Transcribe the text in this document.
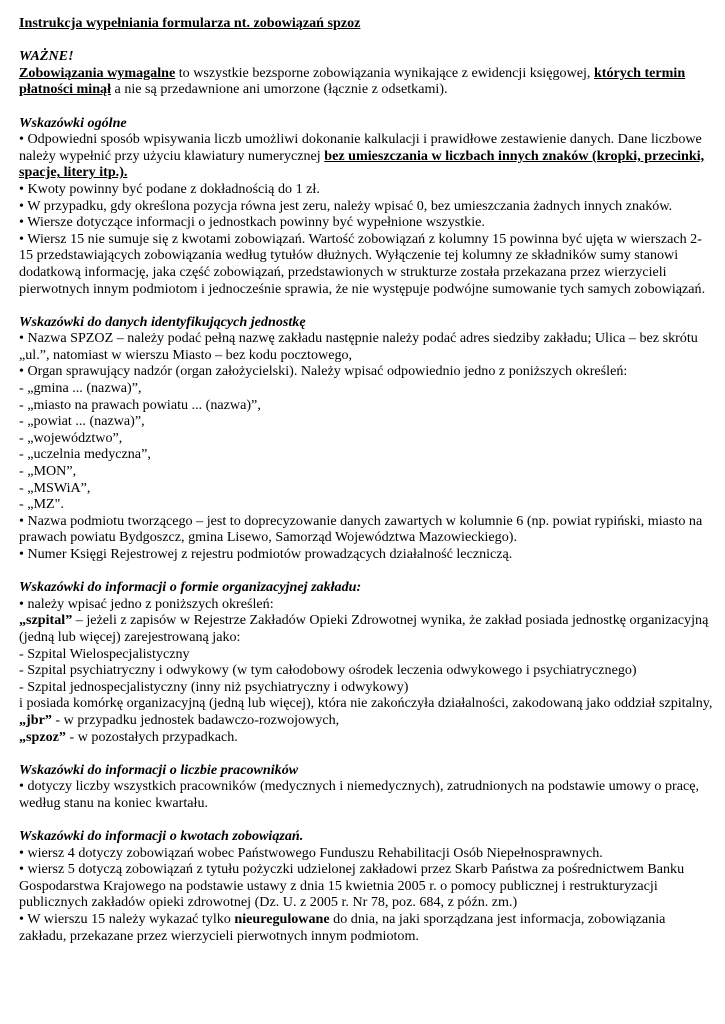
Instrukcja wypełniania formularza nt. zobowiązań spzoz

WAŻNE!

Zobowiązania wymagalne to wszystkie bezsporne zobowiązania wynikające z ewidencji księgowej, których termin płatności minął a nie są przedawnione ani umorzone (łącznie z odsetkami).

Wskazówki ogólne

• Odpowiedni sposób wpisywania liczb umożliwi dokonanie kalkulacji i prawidłowe zestawienie danych. Dane liczbowe należy wypełnić przy użyciu klawiatury numerycznej bez umieszczania w liczbach innych znaków (kropki, przecinki, spacje, litery itp.).

• Kwoty powinny być podane z dokładnością do 1 zł.

• W przypadku, gdy określona pozycja równa jest zeru, należy wpisać 0, bez umieszczania żadnych innych znaków.

• Wiersze dotyczące informacji o jednostkach powinny być wypełnione wszystkie.

• Wiersz 15 nie sumuje się z kwotami zobowiązań. Wartość zobowiązań z kolumny 15 powinna być ujęta w wierszach 2-15 przedstawiających zobowiązania według tytułów dłużnych. Wyłączenie tej kolumny ze składników sumy stanowi dodatkową informację, jaka część zobowiązań, przedstawionych w strukturze została przekazana przez wierzycieli pierwotnych innym podmiotom i jednocześnie sprawia, że nie występuje podwójne sumowanie tych samych zobowiązań.

Wskazówki do danych identyfikujących jednostkę

• Nazwa SPZOZ – należy podać pełną nazwę zakładu następnie należy podać adres siedziby zakładu; Ulica – bez skrótu „ul.”, natomiast w wierszu Miasto – bez kodu pocztowego,

• Organ sprawujący nadzór (organ założycielski). Należy wpisać odpowiednio jedno z poniższych określeń:

- „gmina ... (nazwa)”,

- „miasto na prawach powiatu ... (nazwa)”,

- „powiat ... (nazwa)”,

- „województwo”,

- „uczelnia medyczna”,

- „MON”,

- „MSWiA”,

- „MZ".

• Nazwa podmiotu tworzącego – jest to doprecyzowanie danych zawartych w kolumnie 6 (np. powiat rypiński, miasto na prawach powiatu Bydgoszcz, gmina Lisewo, Samorząd Województwa Mazowieckiego).

• Numer Księgi Rejestrowej z rejestru podmiotów prowadzących działalność leczniczą.

Wskazówki do informacji o formie organizacyjnej zakładu:

• należy wpisać jedno z poniższych określeń:

„szpital” – jeżeli z zapisów w Rejestrze Zakładów Opieki Zdrowotnej wynika, że zakład posiada jednostkę organizacyjną (jedną lub więcej) zarejestrowaną jako:

- Szpital Wielospecjalistyczny

- Szpital psychiatryczny i odwykowy (w tym całodobowy ośrodek leczenia odwykowego i psychiatrycznego)

- Szpital jednospecjalistyczny (inny niż psychiatryczny i odwykowy)

i posiada komórkę organizacyjną (jedną lub więcej), która nie zakończyła działalności, zakodowaną jako oddział szpitalny,

„jbr” - w przypadku jednostek badawczo-rozwojowych,

„spzoz” - w pozostałych przypadkach.

Wskazówki do informacji o liczbie pracowników

• dotyczy liczby wszystkich pracowników (medycznych i niemedycznych), zatrudnionych na podstawie umowy o pracę, według stanu na koniec kwartału.

Wskazówki do informacji o kwotach zobowiązań.

• wiersz 4 dotyczy zobowiązań wobec Państwowego Funduszu Rehabilitacji Osób Niepełnosprawnych.

• wiersz 5 dotyczą zobowiązań z tytułu pożyczki udzielonej zakładowi przez Skarb Państwa za pośrednictwem Banku Gospodarstwa Krajowego na podstawie ustawy z dnia 15 kwietnia 2005 r. o pomocy publicznej i restrukturyzacji publicznych zakładów opieki zdrowotnej (Dz. U. z 2005 r. Nr 78, poz. 684, z późn. zm.)

• W wierszu 15 należy wykazać tylko nieuregulowane do dnia, na jaki sporządzana jest informacja, zobowiązania zakładu, przekazane przez wierzycieli pierwotnych innym podmiotom.
